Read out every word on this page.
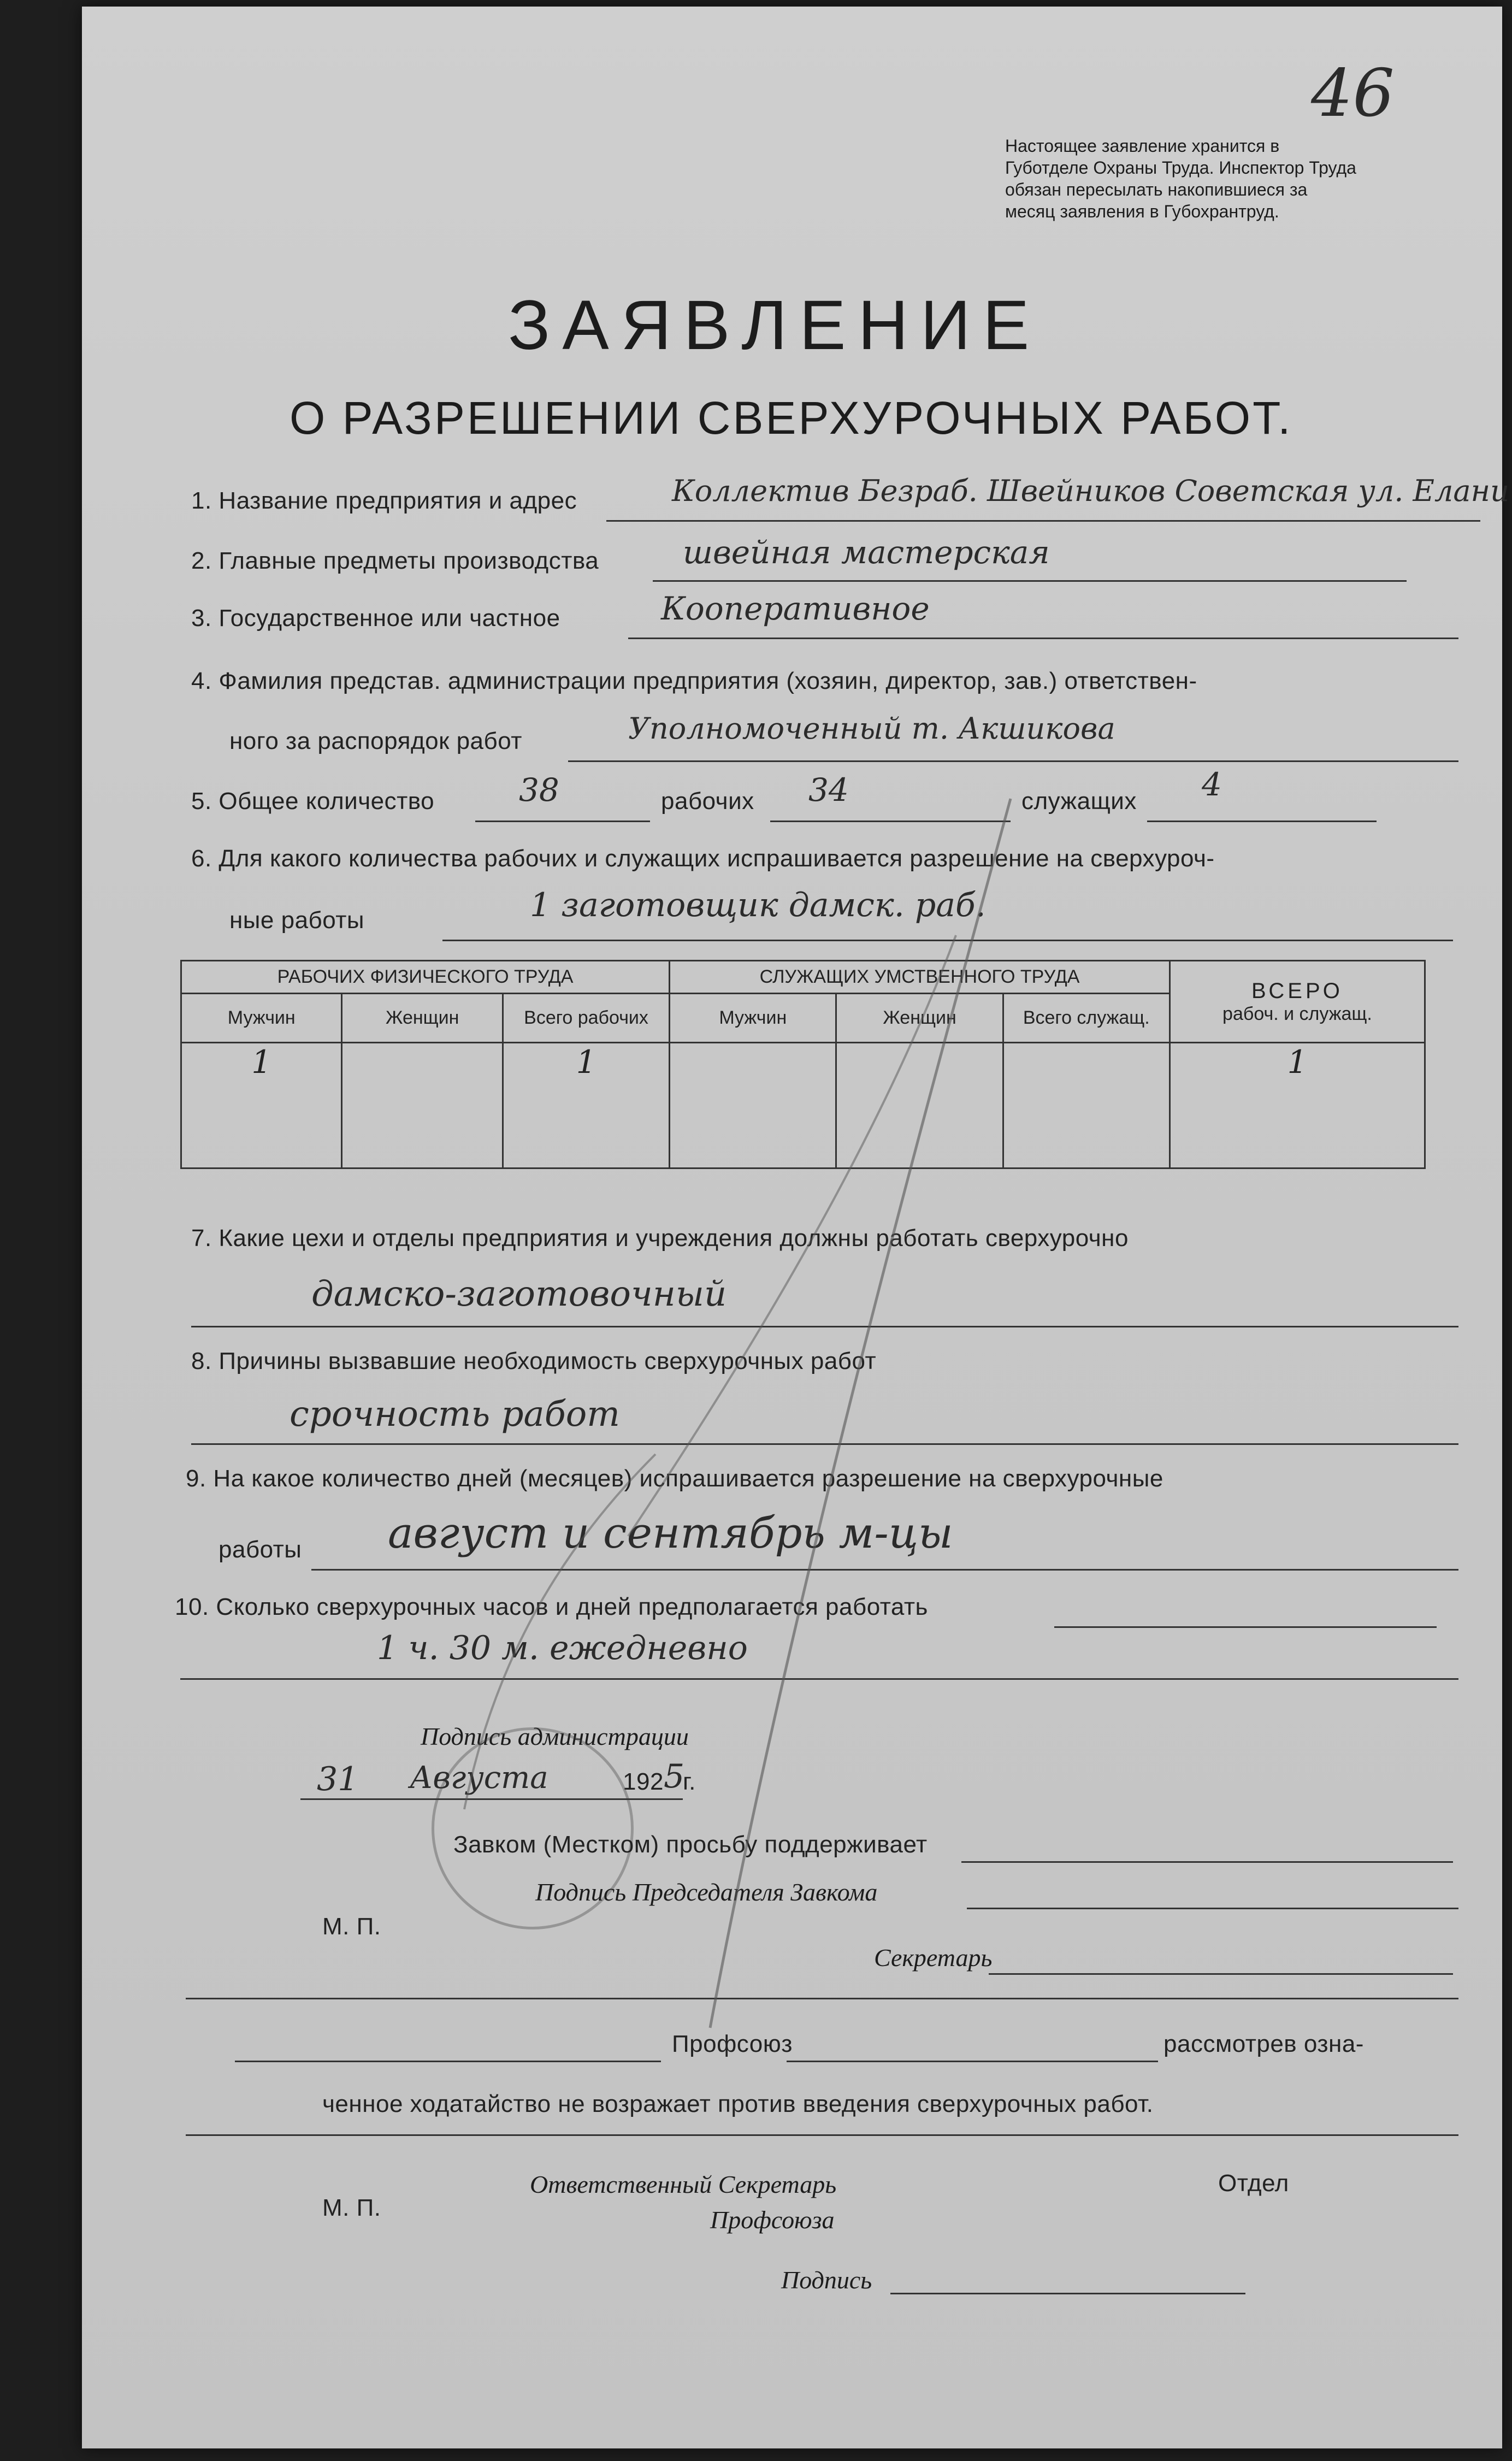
46
Настоящее заявление хранится в Губотделе Охраны Труда. Инспектор Труда обязан пересылать накопившиеся за месяц заявления в Губохрантруд.
ЗАЯВЛЕНИЕ
О РАЗРЕШЕНИИ СВЕРХУРОЧНЫХ РАБОТ.
1. Название предприятия и адрес	Коллектив Безраб. Швейников Советская ул. Елани
2. Главные предметы производства	швейная мастерская
3. Государственное или частное	Кооперативное
4. Фамилия представ. администрации предприятия (хозяин, директор, зав.) ответствен-
ного за распорядок работ	Уполномоченный т. Акшикова
5. Общее количество	38	рабочих 34	служащих 4
6. Для какого количества рабочих и служащих испрашивается разрешение на сверхуроч-
ные работы	1 заготовщик дамск. раб.
РАБОЧИХ ФИЗИЧЕСКОГО ТРУДА			СЛУЖАЩИХ УМСТВЕННОГО ТРУДА			ВСЕРО
рабоч. и служащ.

Мужчин	Женщин	Всего рабочих	Мужчин	Женщин	Всего служащ.	
1		1				1
7. Какие цехи и отделы предприятия и учреждения должны работать сверхурочно
дамско-заготовочный
8. Причины вызвавшие необходимость сверхурочных работ
срочность работ
9. На какое количество дней (месяцев) испрашивается разрешение на сверхурочные
работы август и сентябрь м-цы
10. Сколько сверхурочных часов и дней предполагается работать
1 ч. 30 м. ежедневно
Подпись администрации
31 Августа	192 5
г.
Завком (Местком) просьбу поддерживает
Подпись Председателя Завкома
М. П.
Секретарь
Профсоюз	рассмотрев озна-
ченное ходатайство не возражает против введения сверхурочных работ.
М. П.
Ответственный Секретарь
Профсоюза
Отдел
Подпись
